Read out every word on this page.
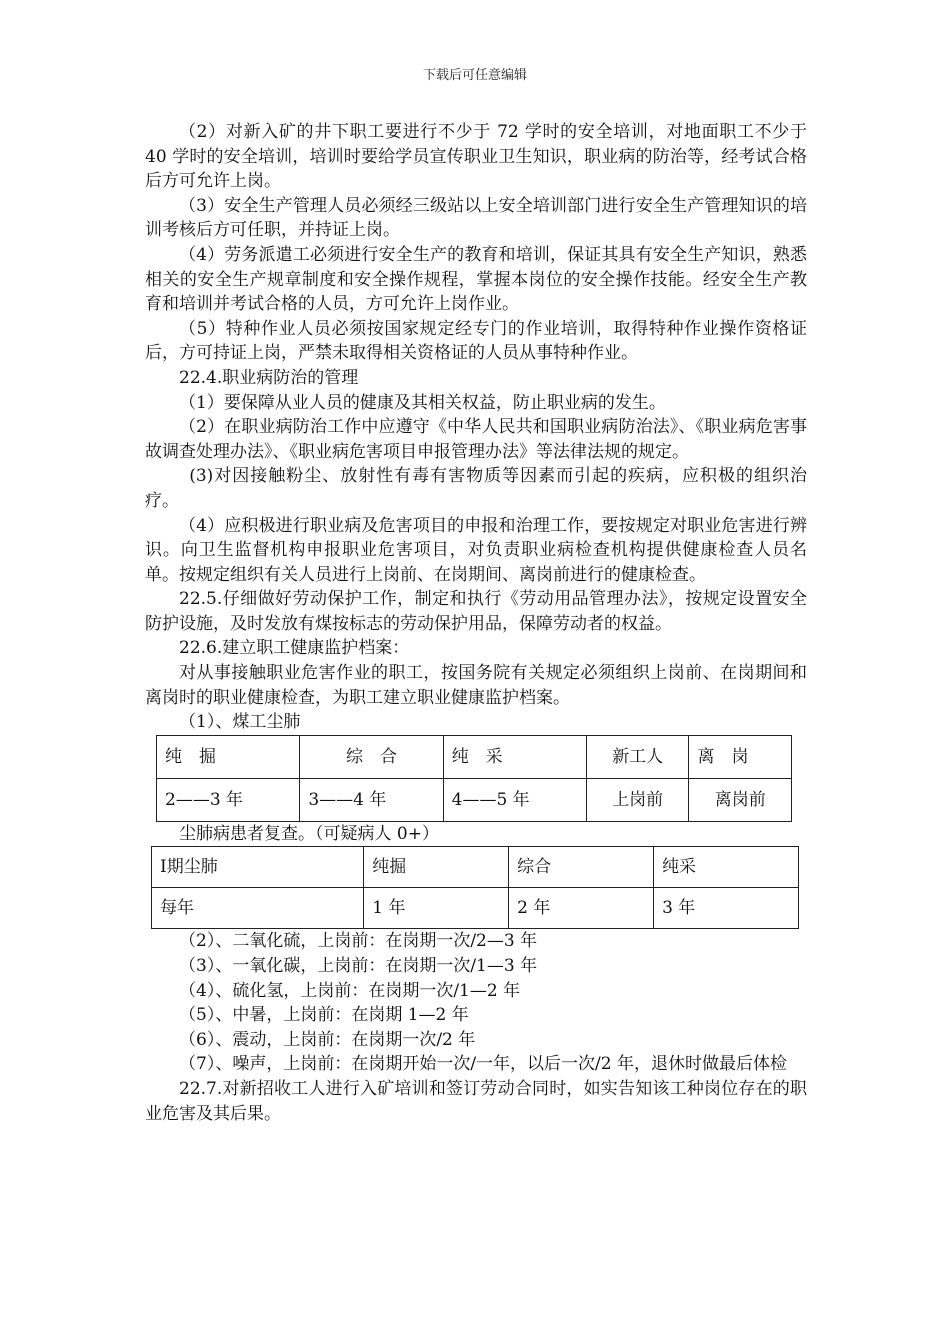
下载后可任意编辑

（2）对新入矿的井下职工要进行不少于 72 学时的安全培训，对地面职工不少于 40 学时的安全培训，培训时要给学员宣传职业卫生知识，职业病的防治等，经考试合格后方可允许上岗。

（3）安全生产管理人员必须经三级站以上安全培训部门进行安全生产管理知识的培训考核后方可任职，并持证上岗。

（4）劳务派遣工必须进行安全生产的教育和培训，保证其具有安全生产知识，熟悉相关的安全生产规章制度和安全操作规程，掌握本岗位的安全操作技能。经安全生产教育和培训并考试合格的人员，方可允许上岗作业。

（5）特种作业人员必须按国家规定经专门的作业培训，取得特种作业操作资格证后，方可持证上岗，严禁未取得相关资格证的人员从事特种作业。

22.4.职业病防治的管理

（1）要保障从业人员的健康及其相关权益，防止职业病的发生。

（2）在职业病防治工作中应遵守《中华人民共和国职业病防治法》、《职业病危害事故调查处理办法》、《职业病危害项目申报管理办法》等法律法规的规定。

(3)对因接触粉尘、放射性有毒有害物质等因素而引起的疾病，应积极的组织治疗。

（4）应积极进行职业病及危害项目的申报和治理工作，要按规定对职业危害进行辨识。向卫生监督机构申报职业危害项目，对负责职业病检查机构提供健康检查人员名单。按规定组织有关人员进行上岗前、在岗期间、离岗前进行的健康检查。

22.5.仔细做好劳动保护工作，制定和执行《劳动用品管理办法》，按规定设置安全防护设施，及时发放有煤按标志的劳动保护用品，保障劳动者的权益。

22.6.建立职工健康监护档案：

对从事接触职业危害作业的职工，按国务院有关规定必须组织上岗前、在岗期间和离岗时的职业健康检查，为职工建立职业健康监护档案。

（1）、煤工尘肺

纯　掘	综　合	纯　采	新工人	离　岗
2——3 年	3——4 年	4——5 年	上岗前	离岗前

尘肺病患者复查。（可疑病人 0+）

Ⅰ期尘肺	纯掘	综合	纯采
每年	1 年	2 年	3 年

（2）、二氧化硫，上岗前：在岗期一次/2—3 年

（3）、一氧化碳，上岗前：在岗期一次/1—3 年

（4）、硫化氢，上岗前：在岗期一次/1—2 年

（5）、中暑，上岗前：在岗期 1—2 年

（6）、震动，上岗前：在岗期一次/2 年

（7）、噪声，上岗前：在岗期开始一次/一年，以后一次/2 年，退休时做最后体检

22.7.对新招收工人进行入矿培训和签订劳动合同时，如实告知该工种岗位存在的职业危害及其后果。
